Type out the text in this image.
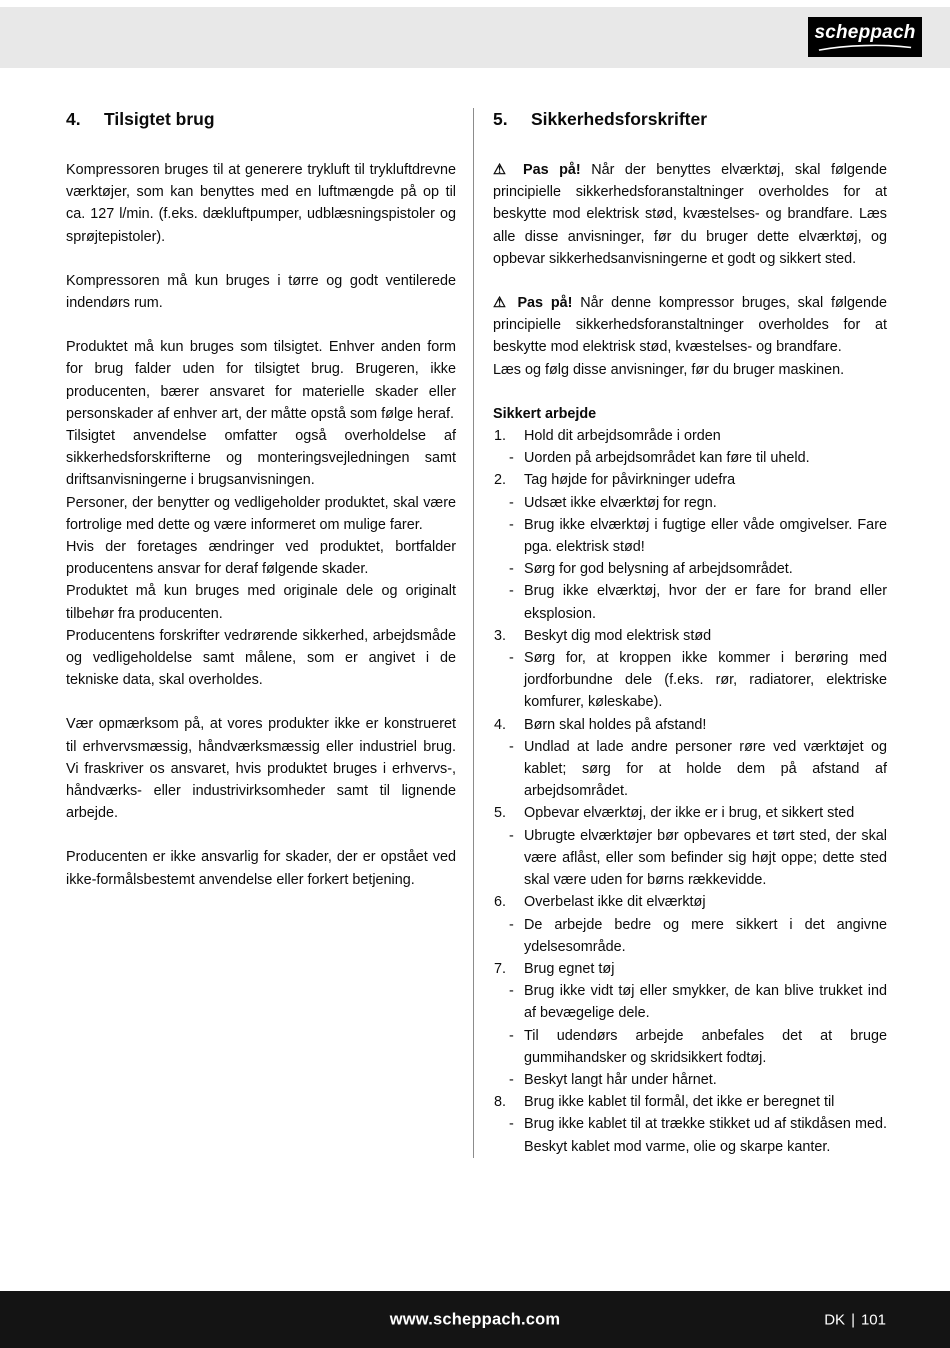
scheppach
4.	Tilsigtet brug

Kompressoren bruges til at generere trykluft til trykluftdrevne værktøjer, som kan benyttes med en luftmængde på op til ca. 127 l/min. (f.eks. dækluftpumper, udblæsningspistoler og sprøjtepistoler).

Kompressoren må kun bruges i tørre og godt ventilerede indendørs rum.

Produktet må kun bruges som tilsigtet. Enhver anden form for brug falder uden for tilsigtet brug. Brugeren, ikke producenten, bærer ansvaret for materielle skader eller personskader af enhver art, der måtte opstå som følge heraf.

Tilsigtet anvendelse omfatter også overholdelse af sikkerhedsforskrifterne og monteringsvejledningen samt driftsanvisningerne i brugsanvisningen.

Personer, der benytter og vedligeholder produktet, skal være fortrolige med dette og være informeret om mulige farer.

Hvis der foretages ændringer ved produktet, bortfalder producentens ansvar for deraf følgende skader.

Produktet må kun bruges med originale dele og originalt tilbehør fra producenten.

Producentens forskrifter vedrørende sikkerhed, arbejdsmåde og vedligeholdelse samt målene, som er angivet i de tekniske data, skal overholdes.

Vær opmærksom på, at vores produkter ikke er konstrueret til erhvervsmæssig, håndværksmæssig eller industriel brug. Vi fraskriver os ansvaret, hvis produktet bruges i erhvervs-, håndværks- eller industrivirksomheder samt til lignende arbejde.

Producenten er ikke ansvarlig for skader, der er opstået ved ikke-formålsbestemt anvendelse eller forkert betjening.

5.	Sikkerhedsforskrifter

⚠ Pas på! Når der benyttes elværktøj, skal følgende principielle sikkerhedsforanstaltninger overholdes for at beskytte mod elektrisk stød, kvæstelses- og brandfare. Læs alle disse anvisninger, før du bruger dette elværktøj, og opbevar sikkerhedsanvisningerne et godt og sikkert sted.

⚠ Pas på! Når denne kompressor bruges, skal følgende principielle sikkerhedsforanstaltninger overholdes for at beskytte mod elektrisk stød, kvæstelses- og brandfare.

Læs og følg disse anvisninger, før du bruger maskinen.

Sikkert arbejde

1.	Hold dit arbejdsområde i orden
- Uorden på arbejdsområdet kan føre til uheld.
2.	Tag højde for påvirkninger udefra
- Udsæt ikke elværktøj for regn.
- Brug ikke elværktøj i fugtige eller våde omgivelser. Fare pga. elektrisk stød!
- Sørg for god belysning af arbejdsområdet.
- Brug ikke elværktøj, hvor der er fare for brand eller eksplosion.
3.	Beskyt dig mod elektrisk stød
- Sørg for, at kroppen ikke kommer i berøring med jordforbundne dele (f.eks. rør, radiatorer, elektriske komfurer, køleskabe).
4.	Børn skal holdes på afstand!
- Undlad at lade andre personer røre ved værktøjet og kablet; sørg for at holde dem på afstand af arbejdsområdet.
5.	Opbevar elværktøj, der ikke er i brug, et sikkert sted
- Ubrugte elværktøjer bør opbevares et tørt sted, der skal være aflåst, eller som befinder sig højt oppe; dette sted skal være uden for børns rækkevidde.
6.	Overbelast ikke dit elværktøj
- De arbejde bedre og mere sikkert i det angivne ydelsesområde.
7.	Brug egnet tøj
- Brug ikke vidt tøj eller smykker, de kan blive trukket ind af bevægelige dele.
- Til udendørs arbejde anbefales det at bruge gummihandsker og skridsikkert fodtøj.
- Beskyt langt hår under hårnet.
8.	Brug ikke kablet til formål, det ikke er beregnet til
- Brug ikke kablet til at trække stikket ud af stikdåsen med. Beskyt kablet mod varme, olie og skarpe kanter.
www.scheppach.com	DK | 101
